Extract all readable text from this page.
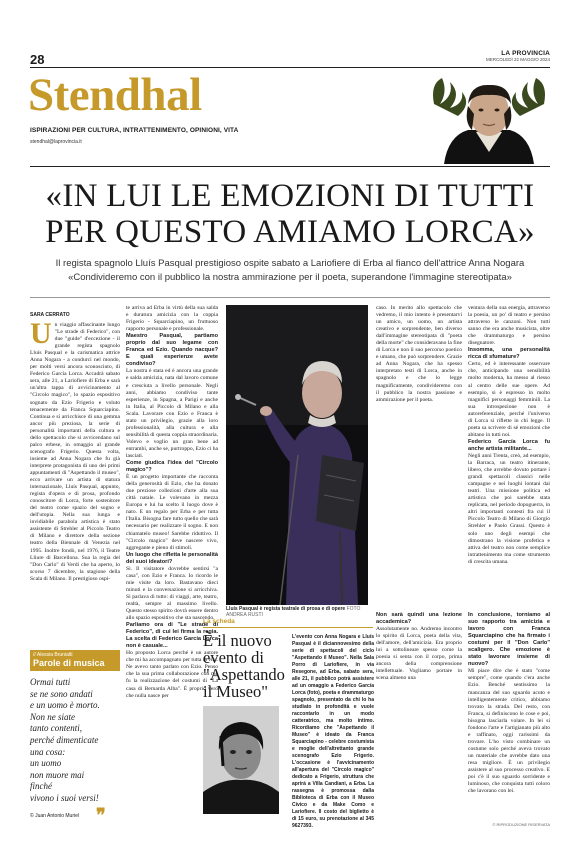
28	LA PROVINCIA
MERCOLEDÌ 22 MAGGIO 2024
Stendhal
ISPIRAZIONI PER CULTURA, INTRATTENIMENTO, OPINIONI, VITA
stendhal@laprovincia.it
«IN LUI LE EMOZIONI DI TUTTI PER QUESTO AMIAMO LORCA»
Il regista spagnolo Lluís Pasqual prestigioso ospite sabato a Lariofiere di Erba al fianco dell'attrice Anna Nogara
«Condivideremo con il pubblico la nostra ammirazione per il poeta, superandone l'immagine stereotipata»
SARA CERRATO
U n viaggio affascinante lungo "Le strade di Federico", con due "guide" d'eccezione - il grande regista spagnolo Lluís Pasqual e la carismatica attrice Anna Nogara - a condurci nel mondo, per molti versi ancora sconosciuto, di Federico García Lorca. Accadrà sabato sera, alle 21, a Lariofiere di Erba e sarà un'altra tappa di avvicinamento al "Circolo magico", lo spazio espositivo sognato da Ezio Frigerio e voluto tenacemente da Franca Squarciapino. Continua e si arricchisce di una gemma ancor più preziosa, la serie di personalità importanti della cultura e dello spettacolo che si avvicendano sul palco erbese, in omaggio al grande scenografo Frigerio. Questa volta, insieme ad Anna Nogara che fu già interprete protagonista di uno dei primi appuntamenti di "Aspettando il museo", ecco arrivare un artista di statura internazionale, Lluís Pasqual, appunto, regista d'opera e di prosa, profondo conoscitore di Lorca, forte sostenitore del teatro come spazio del sogno e dell'utopia. Nella sua lunga e invidiabile parabola artistica è stato assistente di Strehler al Piccolo Teatro di Milano e direttore della sezione teatro della Biennale di Venezia nel 1995. Inoltre fondò, nel 1976, il Teatre Lliure di Barcellona. Sua la regia del "Don Carlo" di Verdi che ha aperto, lo scorso 7 dicembre, la stagione della Scala di Milano. Il prestigioso ospi-

// Alessia Brunialti
Parole di musica
Ormai tutti
se ne sono andati
e un uomo è morto.
Non ne siate
tanto contenti,
perché dimenticate
una cosa:
un uomo
non muore mai
finché
vivono i suoi versi!
© Juan Antonio Muriel ❞

te arriva ad Erba in virtù della sua salda e duratura amicizia con la coppia Frigerio - Squarciapino, un fruttuoso rapporto personale e professionale.

Maestro Pasqual, partiamo proprio dal suo legame con Franca ed Ezio. Quando nacque? E quali esperienze avete condiviso?

La nostra è stata ed è ancora una grande e salda amicizia, nata dal lavoro comune e cresciuta a livello personale. Negli anni, abbiamo condiviso tante esperienze, in Spagna, a Parigi e anche in Italia, al Piccolo di Milano e alla Scala. Lavorare con Ezio e Franca è stato un privilegio, grazie alla loro professionalità, alla cultura e alla sensibilità di questa coppia straordinaria. Volevo e voglio un gran bene ad entrambi, anche se, purtroppo, Ezio ci ha lasciati.

Come giudica l'idea del "Circolo magico"?

È un progetto importante che racconta della generosità di Ezio, che ha donato due preziose collezioni d'arte alla sua città natale. Le volevano in mezza Europa e lui ha scelto il luogo dove è nato. E un regalo per Erba e per tutta l'Italia. Bisogna fare tutto quello che sarà necessario per realizzare il sogno. E non chiamatelo museo! Sarebbe riduttivo. Il "Circolo magico" deve nascere vivo, aggregante e pieno di stimoli.

Un luogo che rifletta le personalità dei suoi ideatori?

Sì. Il visitatore dovrebbe sentirsi "a casa", con Ezio e Franca. Io ricordo le mie visite da loro. Bastavano dieci minuti e la conversazione si arricchiva. Si parlava di tutto: di viaggi, arte, teatro, realtà, sempre al massimo livello. Questo stesso spirito dovrà essere dentro allo spazio espositivo che sta nascendo.

Parliamo ora di "Le strade di Federico", di cui lei firma la regia. La scelta di Federico García Lorca non è casuale...

Ho proposto Lorca perché è un autore che mi ha accompagnato per tutta la vita. Ne avevo tanto parlato con Ezio. Penso che la sua prima collaborazione con me fu la realizzazione del costumi di "La casa di Bernarda Alba". È proprio vero che nulla nasce per

Lluís Pasqual è regista teatrale di prosa e di opere FOTO ANDREA RUSTI
La scheda
È il nuovo evento di "Aspettando il Museo"
L'evento con Anna Nogara e Lluís Pasqual è il diciannovesimo della serie di spettacoli del ciclo "Aspettando il Museo". Nella Sala Porro di Lariofiere, in via Resegone, ad Erba, sabato sera, alle 21, il pubblico potrà assistere ad un omaggio a Federico García Lorca (foto), poeta e drammaturgo spagnolo, presentato da chi lo ha studiato in profondità e vuole raccontarlo in un modo catteratrico, ma molto intimo. Ricordiamo che "Aspettando il Museo" è ideato da Franca Squarciapino - celebre costumista e moglie dell'altrettanto grande scenografo Ezio Frigerio. L'occasione è l'avvicinamento all'apertura del "Circolo magico" dedicato a Frigerio, struttura che aprirà a Villa Candiani, a Erba. La rassegna è promossa dalla Biblioteca di Erba con il Museo Civico e da Make Como e Lariofiere. Il costo del biglietto è di 15 euro, su prenotazione al 345 9627393.

caso. In merito allo spettacolo che vedremo, il mio intento è presentarvi un amico, un uomo, un artista creativo e sorprendente, ben diverso dall'immagine stereotipata di "poeta della morte" che consideravano la fine di Lorca e non il suo percorso poetico e umano, che può sorprendere. Grazie ad Anna Nogara, che ha spesso interpretato testi di Lorca, anche in spagnolo e che lo legge magnificamente, condivideremo con il pubblico la nostra passione e ammirazione per il poeta.

Non sarà quindi una lezione accademica?

Assolutamente no. Andremo incontro lo spirito di Lorca, poeta della vita, dell'amore, dell'amicizia. Era proprio lui a sottolineare spesso come la poesia si senta con il corpo, prima ancora della comprensione intellettuale. Vogliamo portare in scena almeno una

ventura della sua energia, attraverso la poesia, un po' di teatro e persino attraverso le canzoni. Non tutti sanno che era anche musicista, oltre che drammaturgo e persino disegnatore.

Insomma, una personalità ricca di sfumature?

Certo, ed è interessante osservare che, anticipando una sensibilità molto moderna, ha messo al riesso al centro delle sue opere. Ad esempio, si è espresso in molto magnifici personaggi femminili. La sua introspezione non è autoreferenziale, perché l'universo di Lorca si riflette in chi legge. Il poeta sa scrivere di sé emozioni che abitano in tutti noi.

Federico García Lorca fu anche artista militante...

Negli anni Trenta, creò, ad esempio, la Barraca, un teatro itinerante, libero, che avrebbe dovuto portare i grandi spettacoli classici nelle campagne e nei luoghi lontani dai teatri. Una missione politica ed artistica che poi sarebbe stata replicata, nel periodo dopoguerra, in altri importanti contesti fra cui il Piccolo Teatro di Milano di Giorgio Strehler e Paolo Grassi. Questo è solo uno degli esempi che dimostrano la visione profetica e attiva del teatro non come semplice intrattenimento ma come strumento di crescita umana.

In conclusione, torniamo al suo rapporto tra amicizia e lavoro con Franca Squarciapino che ha firmato i costumi per il "Don Carlo" scaligero. Che emozione è stato lavorare insieme di nuovo?

Mi piace dire che è stato "come sempre", come quando c'era anche Ezio. Benché sentissimo la mancanza del suo sguardo acuto e intelligentemente critico, abbiamo trovato la strada. Del resto, con Franca, si definiscono le cose e poi, bisogna lasciarla volare. In lei si fondono l'arte e l'artigianato più alto e raffinato, oggi rarissimi da trovare. L'ho visto combinare un costume solo perché aveva trovato un materiale che avrebbe dato una resa migliore. È un privilegio assistere al suo processo creativo. E poi c'è il suo sguardo sorridente e luminoso, che conquista tutti coloro che lavorano con lei.

© RIPRODUZIONE RISERVATA
